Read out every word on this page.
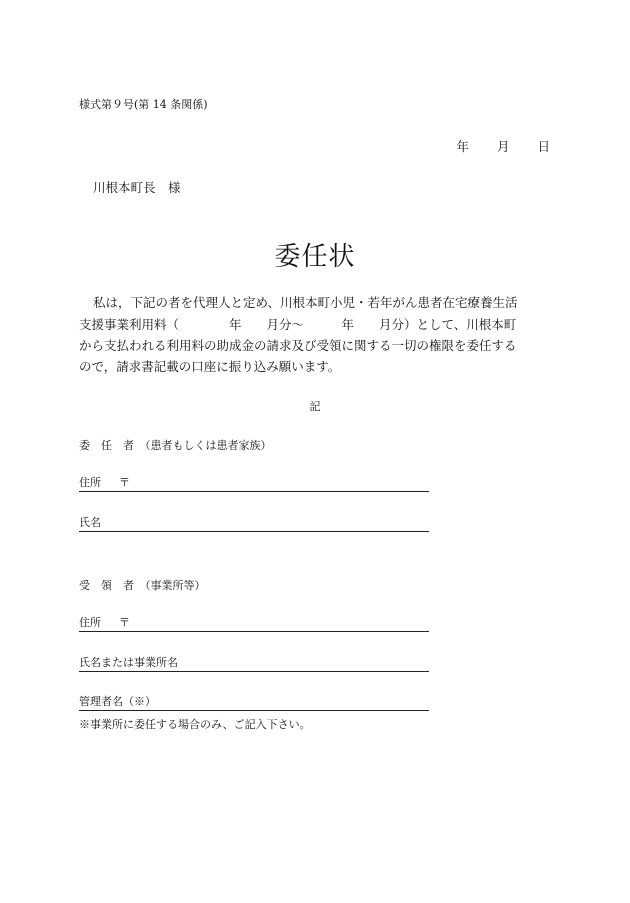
様式第９号(第 14 条関係)
年 月 日
川根本町長　様
委任状
私は，下記の者を代理人と定め、川根本町小児・若年がん患者在宅療養生活
支援事業利用料（　　　　年　　月分～　　　年　　月分）として、川根本町
から支払われる利用料の助成金の請求及び受領に関する一切の権限を委任する
ので，請求書記載の口座に振り込み願います。
記
委　任　者　（患者もしくは患者家族）
住所 〒
氏名
受　領　者　（事業所等）
住所 〒
氏名または事業所名
管理者名（※）
※事業所に委任する場合のみ、ご記入下さい。
